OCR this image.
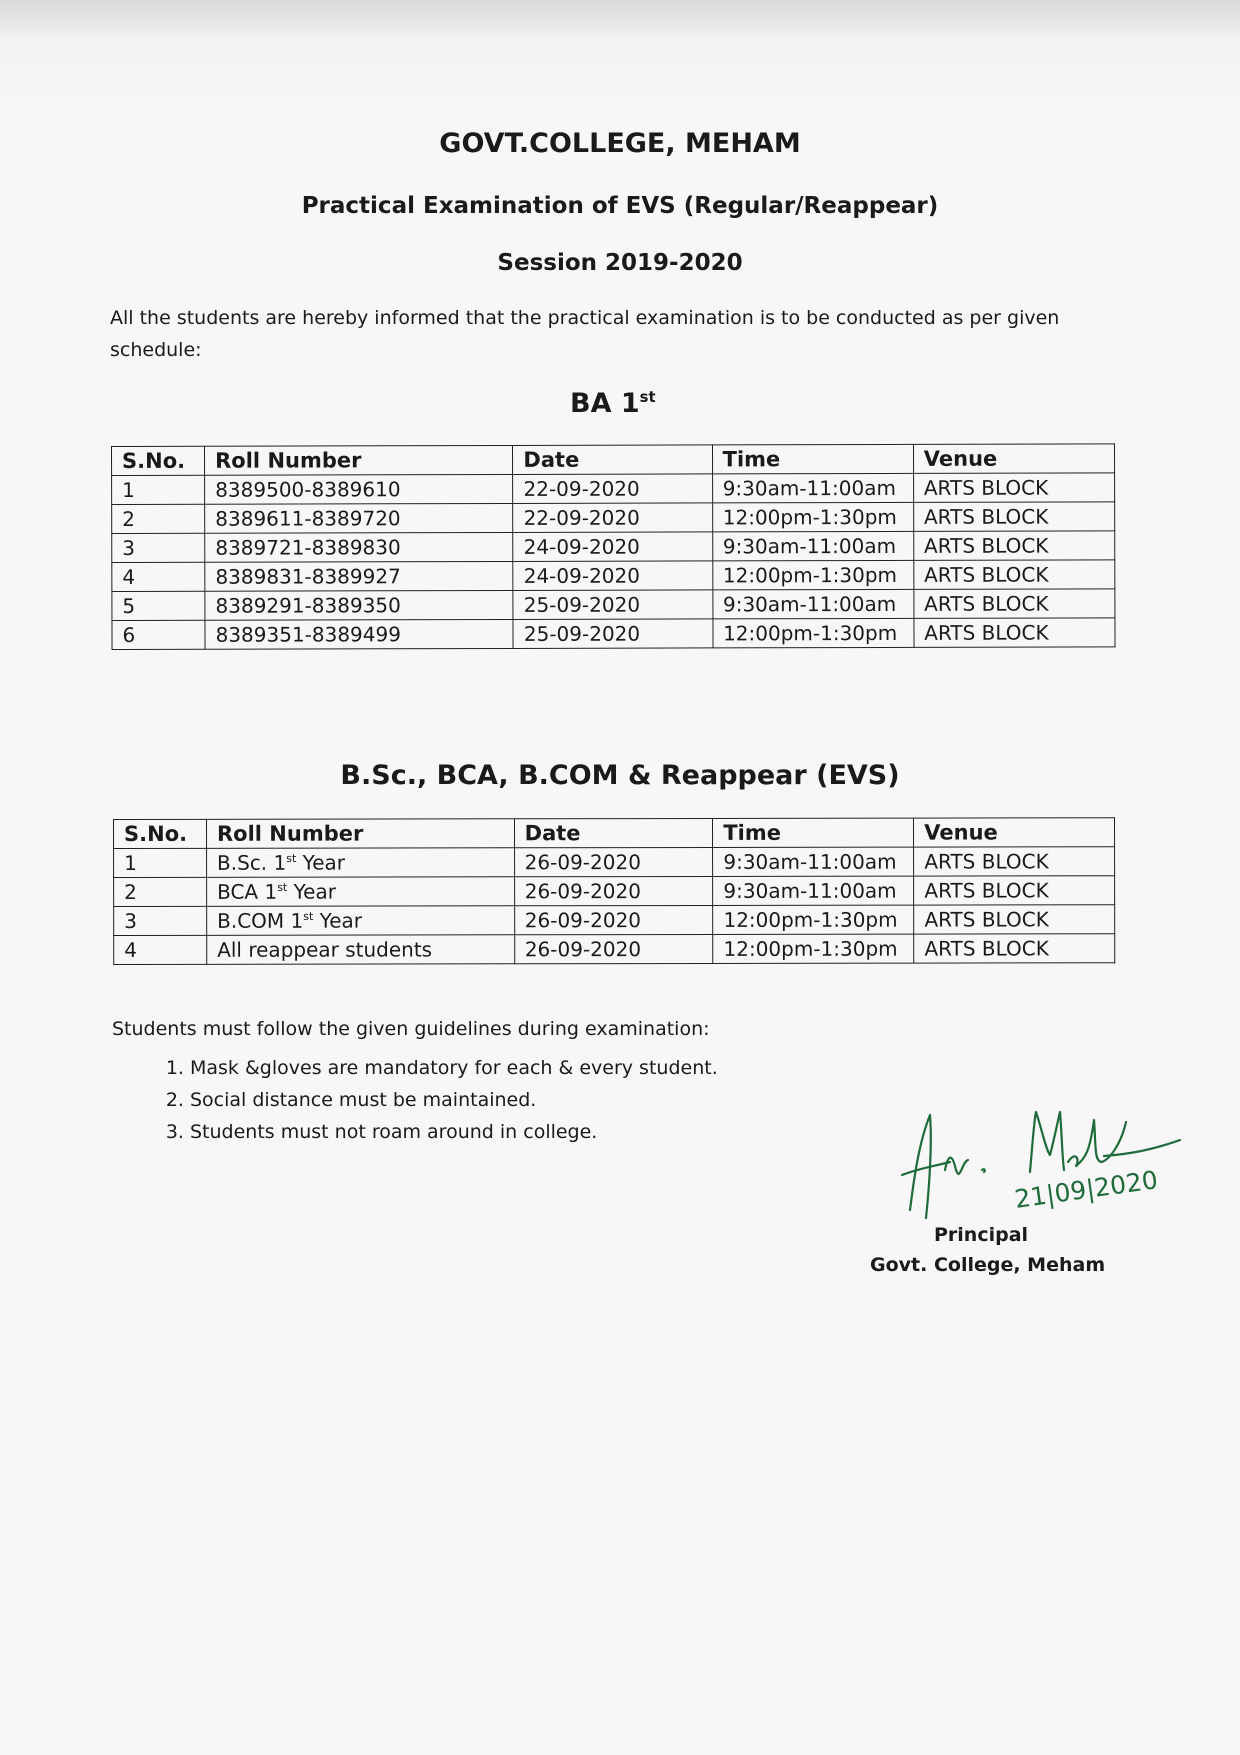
GOVT.COLLEGE, MEHAM
Practical Examination of EVS (Regular/Reappear)
Session 2019-2020
All the students are hereby informed that the practical examination is to be conducted as per given schedule:
BA 1st
S.No.	Roll Number	Date	Time	Venue
1	8389500-8389610	22-09-2020	9:30am-11:00am	ARTS BLOCK
2	8389611-8389720	22-09-2020	12:00pm-1:30pm	ARTS BLOCK
3	8389721-8389830	24-09-2020	9:30am-11:00am	ARTS BLOCK
4	8389831-8389927	24-09-2020	12:00pm-1:30pm	ARTS BLOCK
5	8389291-8389350	25-09-2020	9:30am-11:00am	ARTS BLOCK
6	8389351-8389499	25-09-2020	12:00pm-1:30pm	ARTS BLOCK
B.Sc., BCA, B.COM & Reappear (EVS)
S.No.	Roll Number	Date	Time	Venue
1	B.Sc. 1st Year	26-09-2020	9:30am-11:00am	ARTS BLOCK
2	BCA 1st Year	26-09-2020	9:30am-11:00am	ARTS BLOCK
3	B.COM 1st Year	26-09-2020	12:00pm-1:30pm	ARTS BLOCK
4	All reappear students	26-09-2020	12:00pm-1:30pm	ARTS BLOCK
Students must follow the given guidelines during examination:
1. Mask &gloves are mandatory for each & every student.
2. Social distance must be maintained.
3. Students must not roam around in college.
21|09|2020
Principal
Govt. College, Meham
